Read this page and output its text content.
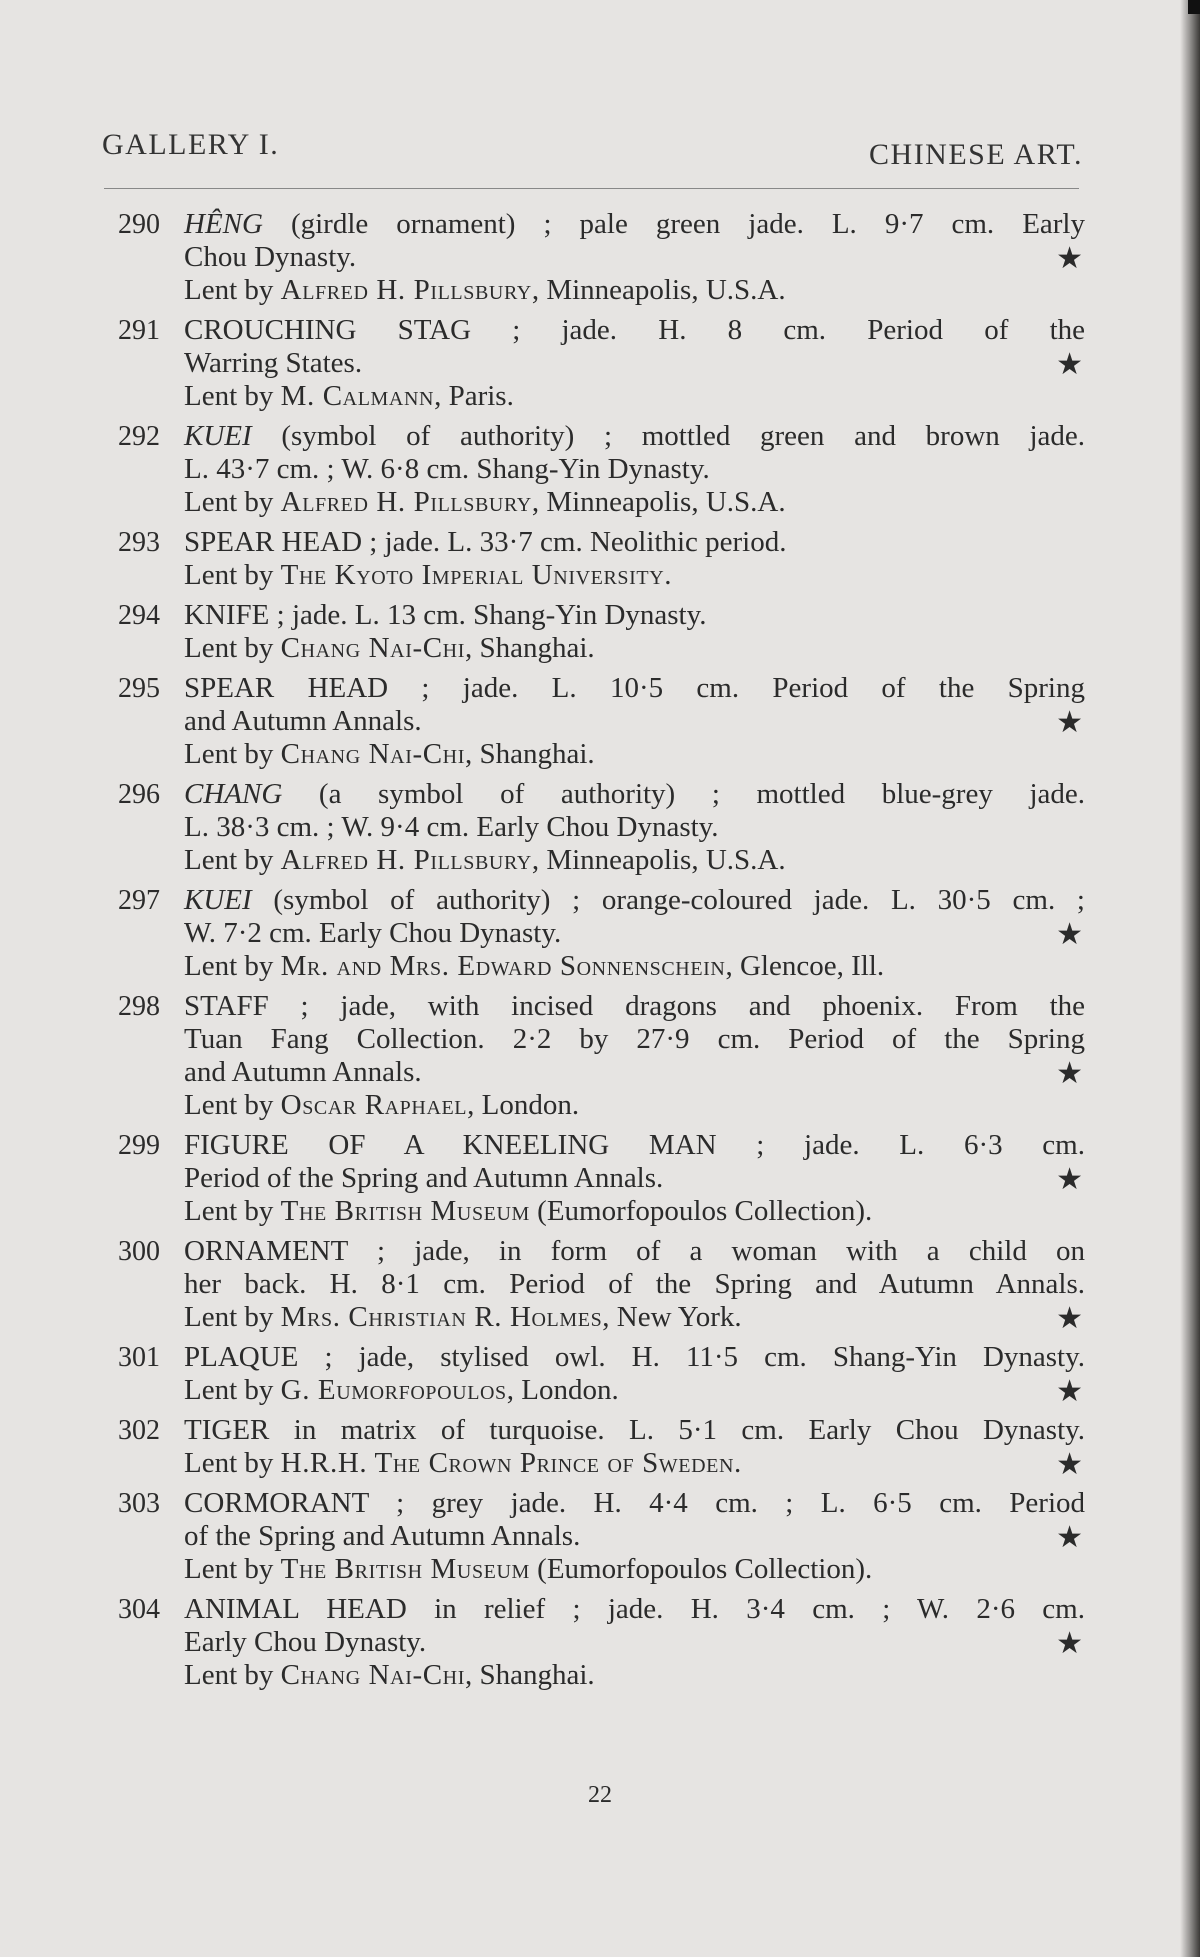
GALLERY I.	CHINESE ART.
290 HÊNG (girdle ornament) ; pale green jade. L. 9·7 cm. Early
Chou Dynasty.	★
Lent by Alfred H. Pillsbury, Minneapolis, U.S.A.
291 CROUCHING STAG ; jade. H. 8 cm. Period of the
Warring States.	★
Lent by M. Calmann, Paris.
292 KUEI (symbol of authority) ; mottled green and brown jade.
L. 43·7 cm. ; W. 6·8 cm. Shang-Yin Dynasty.
Lent by Alfred H. Pillsbury, Minneapolis, U.S.A.
293 SPEAR HEAD ; jade. L. 33·7 cm. Neolithic period.
Lent by The Kyoto Imperial University.
294 KNIFE ; jade. L. 13 cm. Shang-Yin Dynasty.
Lent by Chang Nai-Chi, Shanghai.
295 SPEAR HEAD ; jade. L. 10·5 cm. Period of the Spring
and Autumn Annals.	★
Lent by Chang Nai-Chi, Shanghai.
296 CHANG (a symbol of authority) ; mottled blue-grey jade.
L. 38·3 cm. ; W. 9·4 cm. Early Chou Dynasty.
Lent by Alfred H. Pillsbury, Minneapolis, U.S.A.
297 KUEI (symbol of authority) ; orange-coloured jade. L. 30·5 cm. ;
W. 7·2 cm. Early Chou Dynasty.	★
Lent by Mr. and Mrs. Edward Sonnenschein, Glencoe, Ill.
298 STAFF ; jade, with incised dragons and phoenix. From the
Tuan Fang Collection. 2·2 by 27·9 cm. Period of the Spring
and Autumn Annals.	★
Lent by Oscar Raphael, London.
299 FIGURE OF A KNEELING MAN ; jade. L. 6·3 cm.
Period of the Spring and Autumn Annals.	★
Lent by The British Museum (Eumorfopoulos Collection).
300 ORNAMENT ; jade, in form of a woman with a child on
her back. H. 8·1 cm. Period of the Spring and Autumn Annals.
Lent by Mrs. Christian R. Holmes, New York.	★
301 PLAQUE ; jade, stylised owl. H. 11·5 cm. Shang-Yin Dynasty.
Lent by G. Eumorfopoulos, London.	★
302 TIGER in matrix of turquoise. L. 5·1 cm. Early Chou Dynasty.
Lent by H.R.H. The Crown Prince of Sweden.	★
303 CORMORANT ; grey jade. H. 4·4 cm. ; L. 6·5 cm. Period
of the Spring and Autumn Annals.	★
Lent by The British Museum (Eumorfopoulos Collection).
304 ANIMAL HEAD in relief ; jade. H. 3·4 cm. ; W. 2·6 cm.
Early Chou Dynasty.	★
Lent by Chang Nai-Chi, Shanghai.
22
